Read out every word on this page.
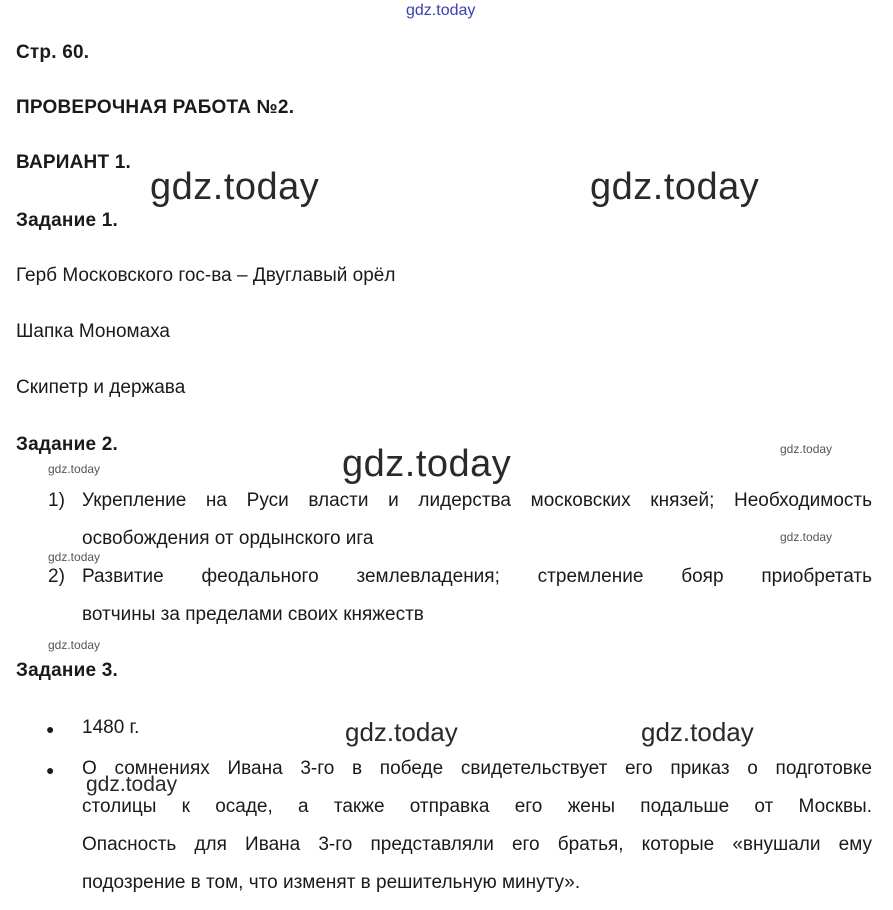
gdz.today
Стр. 60.
ПРОВЕРОЧНАЯ РАБОТА №2.
ВАРИАНТ 1.
gdz.today	gdz.today
Задание 1.
Герб Московского гос-ва – Двуглавый орёл
Шапка Мономаха
Скипетр и держава
Задание 2.	gdz.today
gdz.today	gdz.today
1) Укрепление на Руси власти и лидерства московских князей; Необходимость
освобождения от ордынского ига	gdz.today
gdz.today
2) Развитие феодального землевладения; стремление бояр приобретать
вотчины за пределами своих княжеств
gdz.today
Задание 3.
● 1480 г.	gdz.today	gdz.today
● О сомнениях Ивана 3-го в победе свидетельствует его приказ о подготовке
gdz.today
столицы к осаде, а также отправка его жены подальше от Москвы.
Опасность для Ивана 3-го представляли его братья, которые «внушали ему
подозрение в том, что изменят в решительную минуту».
